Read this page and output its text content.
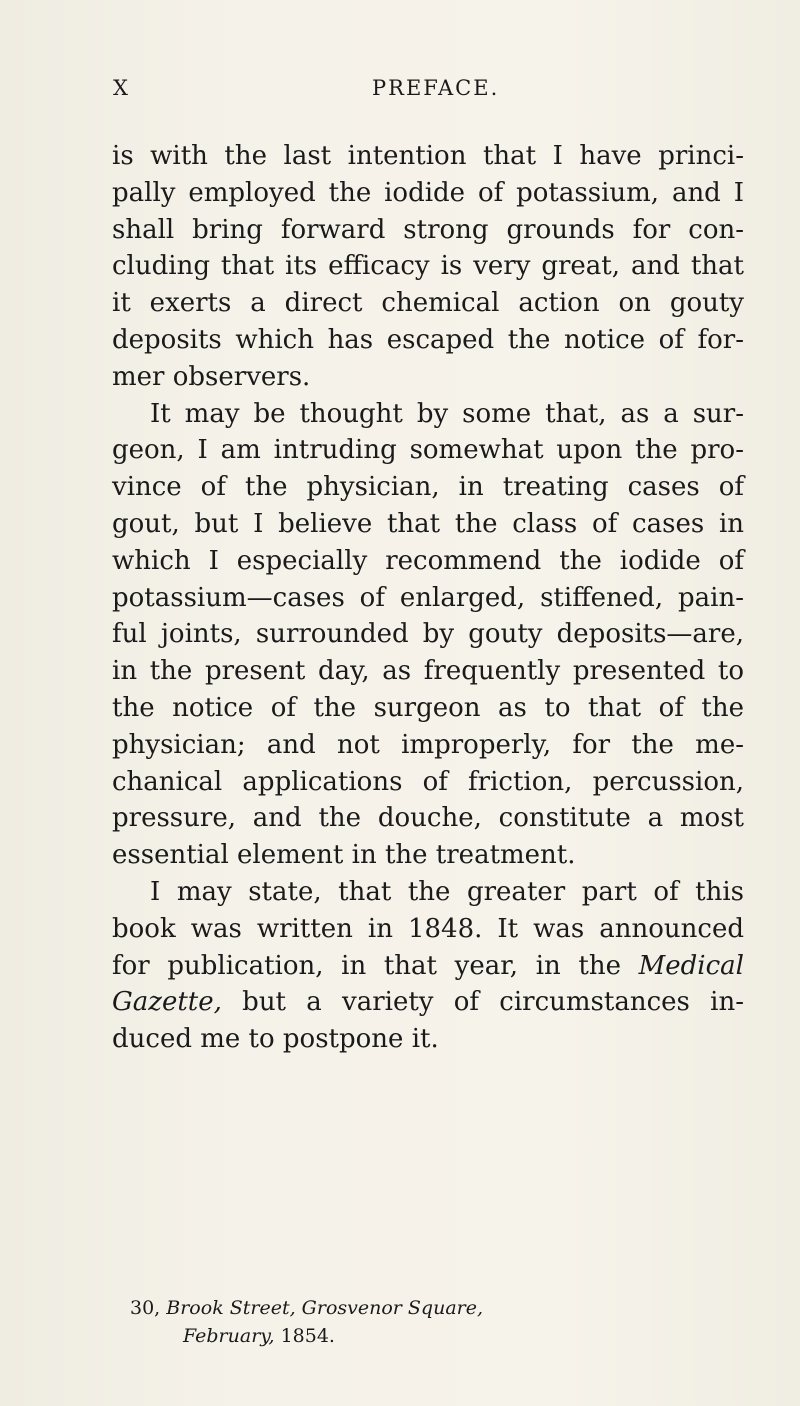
X	PREFACE.
is with the last intention that I have princi-
pally employed the iodide of potassium, and I
shall bring forward strong grounds for con-
cluding that its efficacy is very great, and that
it exerts a direct chemical action on gouty
deposits which has escaped the notice of for-
mer observers.
It may be thought by some that, as a sur-
geon, I am intruding somewhat upon the pro-
vince of the physician, in treating cases of
gout, but I believe that the class of cases in
which I especially recommend the iodide of
potassium—cases of enlarged, stiffened, pain-
ful joints, surrounded by gouty deposits—are,
in the present day, as frequently presented to
the notice of the surgeon as to that of the
physician; and not improperly, for the me-
chanical applications of friction, percussion,
pressure, and the douche, constitute a most
essential element in the treatment.
I may state, that the greater part of this
book was written in 1848. It was announced
for publication, in that year, in the Medical
Gazette, but a variety of circumstances in-
duced me to postpone it.
30, Brook Street, Grosvenor Square,
February, 1854.
